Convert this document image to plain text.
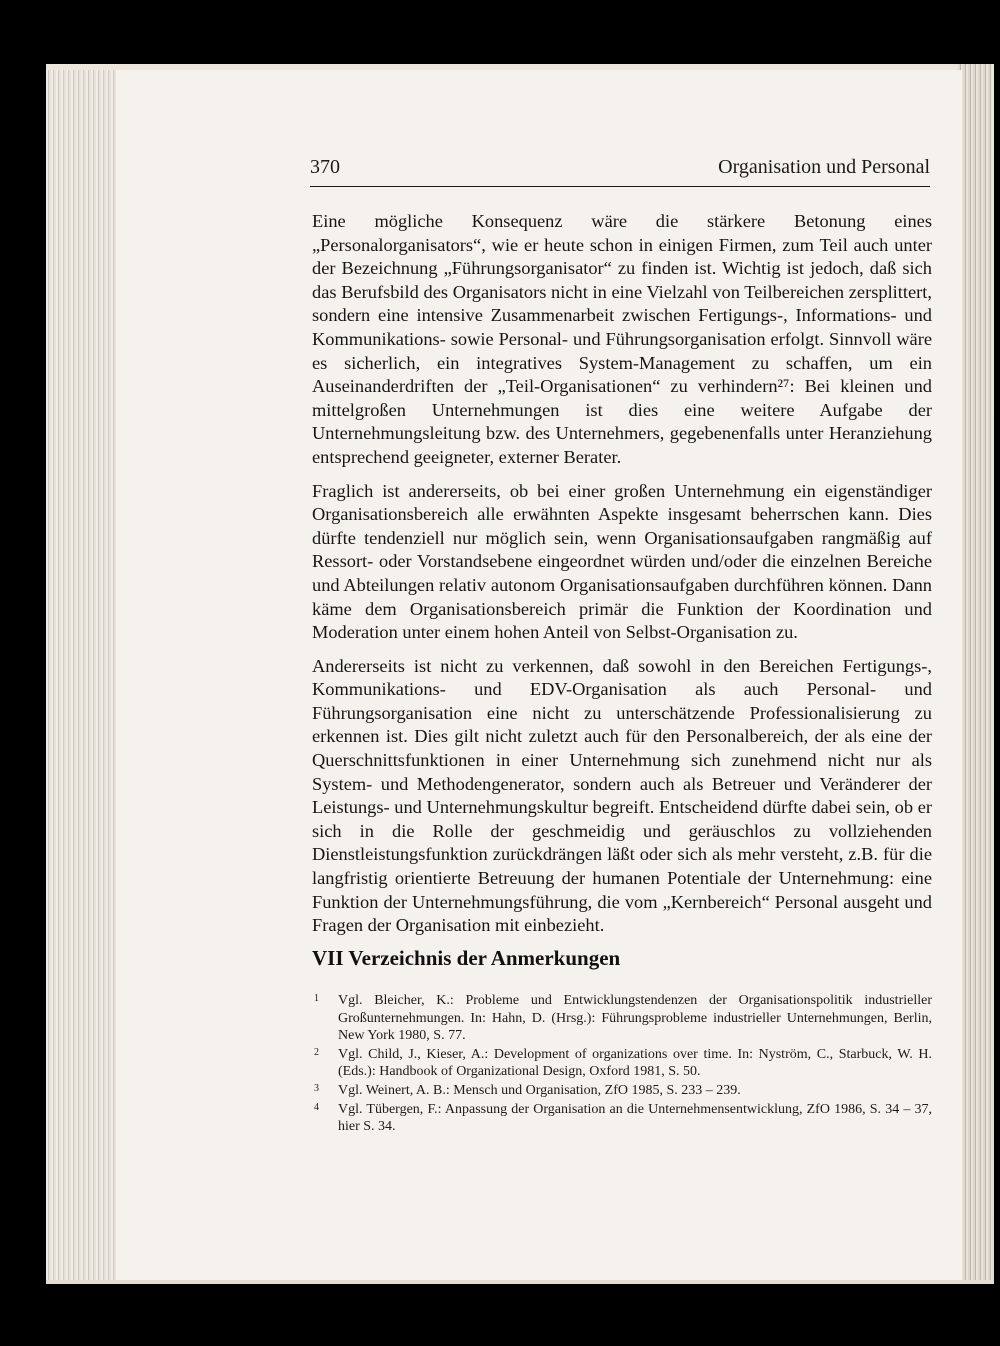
370	Organisation und Personal

Eine mögliche Konsequenz wäre die stärkere Betonung eines „Personalorganisators“, wie er heute schon in einigen Firmen, zum Teil auch unter der Bezeichnung „Führungsorganisator“ zu finden ist. Wichtig ist jedoch, daß sich das Berufsbild des Organisators nicht in eine Vielzahl von Teilbereichen zersplittert, sondern eine intensive Zusammenarbeit zwischen Fertigungs-, Informations- und Kommunikations- sowie Personal- und Führungsorganisation erfolgt. Sinnvoll wäre es sicherlich, ein integratives System-Management zu schaffen, um ein Auseinanderdriften der „Teil-Organisationen“ zu verhindern²⁷: Bei kleinen und mittelgroßen Unternehmungen ist dies eine weitere Aufgabe der Unternehmungsleitung bzw. des Unternehmers, gegebenenfalls unter Heranziehung entsprechend geeigneter, externer Berater.

Fraglich ist andererseits, ob bei einer großen Unternehmung ein eigenständiger Organisationsbereich alle erwähnten Aspekte insgesamt beherrschen kann. Dies dürfte tendenziell nur möglich sein, wenn Organisationsaufgaben rangmäßig auf Ressort- oder Vorstandsebene eingeordnet würden und/oder die einzelnen Bereiche und Abteilungen relativ autonom Organisationsaufgaben durchführen können. Dann käme dem Organisationsbereich primär die Funktion der Koordination und Moderation unter einem hohen Anteil von Selbst-Organisation zu.

Andererseits ist nicht zu verkennen, daß sowohl in den Bereichen Fertigungs-, Kommunikations- und EDV-Organisation als auch Personal- und Führungsorganisation eine nicht zu unterschätzende Professionalisierung zu erkennen ist. Dies gilt nicht zuletzt auch für den Personalbereich, der als eine der Querschnittsfunktionen in einer Unternehmung sich zunehmend nicht nur als System- und Methodengenerator, sondern auch als Betreuer und Veränderer der Leistungs- und Unternehmungskultur begreift. Entscheidend dürfte dabei sein, ob er sich in die Rolle der geschmeidig und geräuschlos zu vollziehenden Dienstleistungsfunktion zurückdrängen läßt oder sich als mehr versteht, z.B. für die langfristig orientierte Betreuung der humanen Potentiale der Unternehmung: eine Funktion der Unternehmungsführung, die vom „Kernbereich“ Personal ausgeht und Fragen der Organisation mit einbezieht.

VII Verzeichnis der Anmerkungen
1 Vgl. Bleicher, K.: Probleme und Entwicklungstendenzen der Organisationspolitik industrieller Großunternehmungen. In: Hahn, D. (Hrsg.): Führungsprobleme industrieller Unternehmungen, Berlin, New York 1980, S. 77.
2 Vgl. Child, J., Kieser, A.: Development of organizations over time. In: Nyström, C., Starbuck, W. H. (Eds.): Handbook of Organizational Design, Oxford 1981, S. 50.
3 Vgl. Weinert, A. B.: Mensch und Organisation, ZfO 1985, S. 233 – 239.
4 Vgl. Tübergen, F.: Anpassung der Organisation an die Unternehmensentwicklung, ZfO 1986, S. 34 – 37, hier S. 34.
